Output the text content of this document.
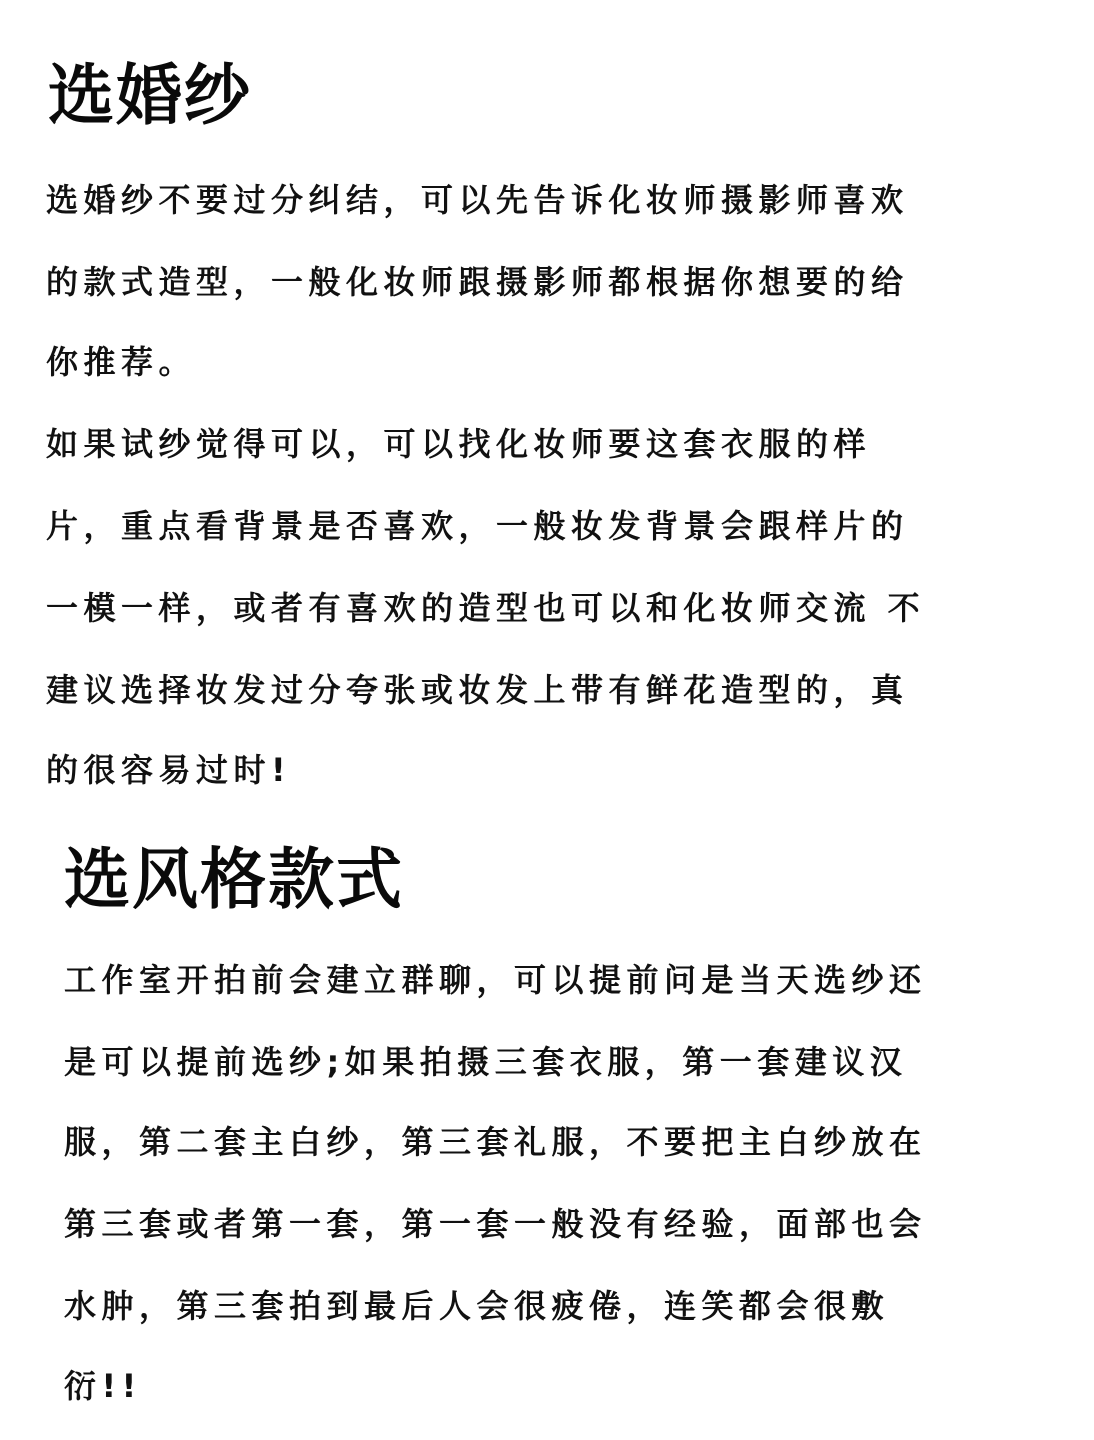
选婚纱

选婚纱不要过分纠结，可以先告诉化妆师摄影师喜欢

的款式造型，一般化妆师跟摄影师都根据你想要的给

你推荐。

如果试纱觉得可以，可以找化妆师要这套衣服的样

片，重点看背景是否喜欢，一般妆发背景会跟样片的

一模一样，或者有喜欢的造型也可以和化妆师交流 不

建议选择妆发过分夸张或妆发上带有鲜花造型的，真

的很容易过时!

选风格款式

工作室开拍前会建立群聊，可以提前问是当天选纱还

是可以提前选纱;如果拍摄三套衣服，第一套建议汉

服，第二套主白纱，第三套礼服，不要把主白纱放在

第三套或者第一套，第一套一般没有经验，面部也会

水肿，第三套拍到最后人会很疲倦，连笑都会很敷

衍!!
